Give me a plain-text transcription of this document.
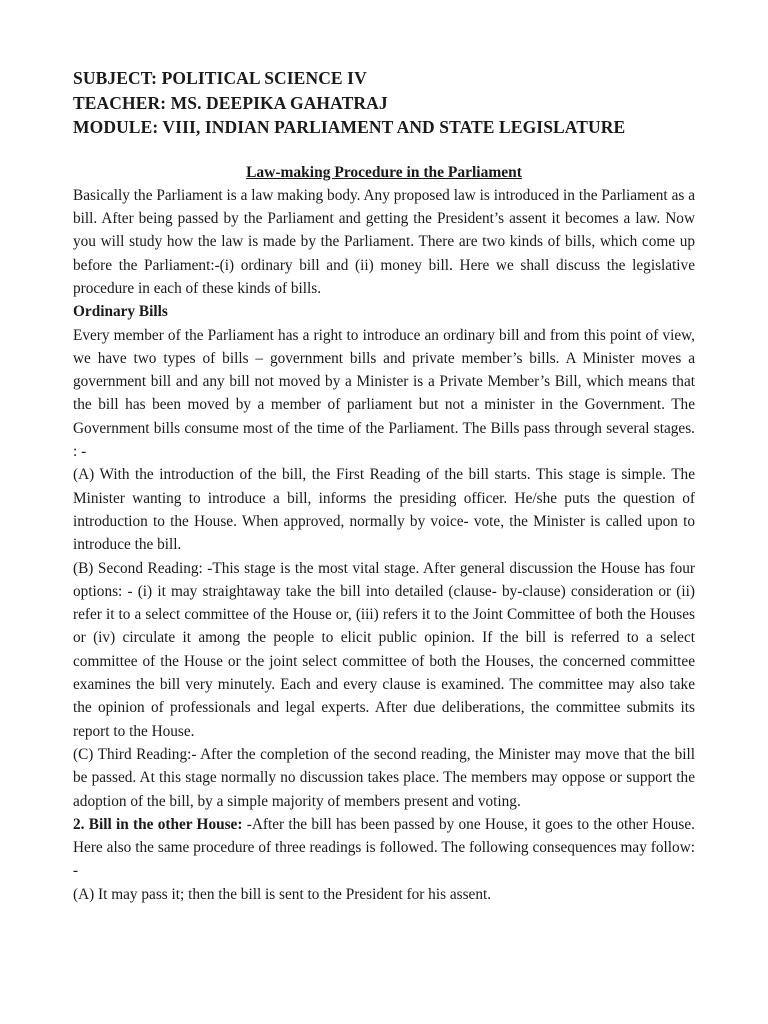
SUBJECT: POLITICAL SCIENCE IV

TEACHER: MS. DEEPIKA GAHATRAJ

MODULE: VIII, INDIAN PARLIAMENT AND STATE LEGISLATURE

Law-making Procedure in the Parliament

Basically the Parliament is a law making body. Any proposed law is introduced in the Parliament as a bill. After being passed by the Parliament and getting the President’s assent it becomes a law. Now you will study how the law is made by the Parliament. There are two kinds of bills, which come up before the Parliament:-(i) ordinary bill and (ii) money bill. Here we shall discuss the legislative procedure in each of these kinds of bills.

Ordinary Bills

Every member of the Parliament has a right to introduce an ordinary bill and from this point of view, we have two types of bills – government bills and private member’s bills. A Minister moves a government bill and any bill not moved by a Minister is a Private Member’s Bill, which means that the bill has been moved by a member of parliament but not a minister in the Government. The Government bills consume most of the time of the Parliament. The Bills pass through several stages. : -

(A) With the introduction of the bill, the First Reading of the bill starts. This stage is simple. The Minister wanting to introduce a bill, informs the presiding officer. He/she puts the question of introduction to the House. When approved, normally by voice- vote, the Minister is called upon to introduce the bill.

(B) Second Reading: -This stage is the most vital stage. After general discussion the House has four options: - (i) it may straightaway take the bill into detailed (clause- by-clause) consideration or (ii) refer it to a select committee of the House or, (iii) refers it to the Joint Committee of both the Houses or (iv) circulate it among the people to elicit public opinion. If the bill is referred to a select committee of the House or the joint select committee of both the Houses, the concerned committee examines the bill very minutely. Each and every clause is examined. The committee may also take the opinion of professionals and legal experts. After due deliberations, the committee submits its report to the House.

(C) Third Reading:- After the completion of the second reading, the Minister may move that the bill be passed. At this stage normally no discussion takes place. The members may oppose or support the adoption of the bill, by a simple majority of members present and voting.

2. Bill in the other House: -After the bill has been passed by one House, it goes to the other House. Here also the same procedure of three readings is followed. The following consequences may follow: -

(A) It may pass it; then the bill is sent to the President for his assent.
